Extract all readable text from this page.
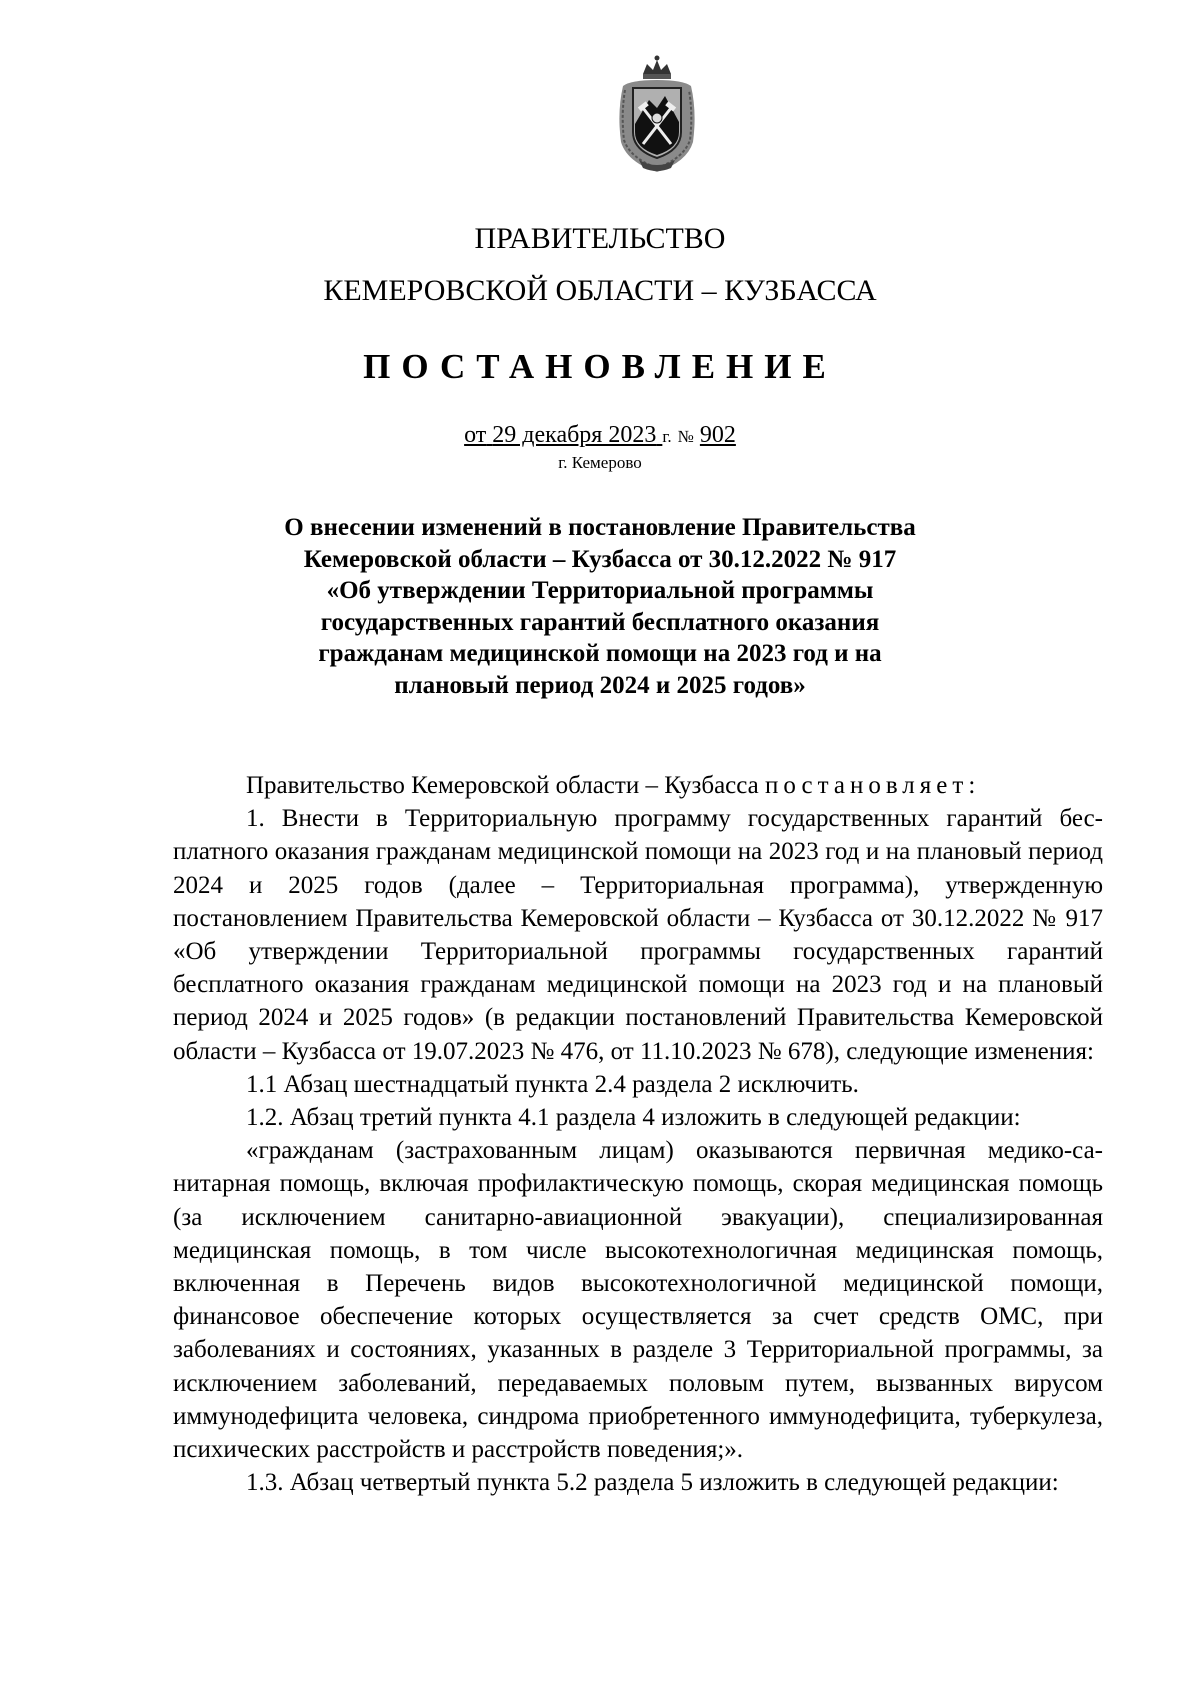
ПРАВИТЕЛЬСТВО
КЕМЕРОВСКОЙ ОБЛАСТИ – КУЗБАССА
ПОСТАНОВЛЕНИЕ
от 29 декабря 2023 г. № 902
г. Кемерово
О внесении изменений в постановление Правительства
Кемеровской области – Кузбасса от 30.12.2022 № 917
«Об утверждении Территориальной программы
государственных гарантий бесплатного оказания
гражданам медицинской помощи на 2023 год и на
плановый период 2024 и 2025 годов»

Правительство Кемеровской области – Кузбасса постановляет:

1. Внести в Территориальную программу государственных гарантий бесплатного оказания гражданам медицинской помощи на 2023 год и на плановый период 2024 и 2025 годов (далее – Территориальная программа), утвержденную постановлением Правительства Кемеровской области – Кузбасса от 30.12.2022 № 917 «Об утверждении Территориальной программы государственных гарантий бесплатного оказания гражданам медицинской помощи на 2023 год и на плановый период 2024 и 2025 годов» (в редакции постановлений Правительства Кемеровской области – Кузбасса от 19.07.2023 № 476, от 11.10.2023 № 678), следующие изменения:

1.1 Абзац шестнадцатый пункта 2.4 раздела 2 исключить.

1.2. Абзац третий пункта 4.1 раздела 4 изложить в следующей редакции:

«гражданам (застрахованным лицам) оказываются первичная медико-санитарная помощь, включая профилактическую помощь, скорая медицинская помощь (за исключением санитарно-авиационной эвакуации), специализированная медицинская помощь, в том числе высокотехнологичная медицинская помощь, включенная в Перечень видов высокотехнологичной медицинской помощи, финансовое обеспечение которых осуществляется за счет средств ОМС, при заболеваниях и состояниях, указанных в разделе 3 Территориальной программы, за исключением заболеваний, передаваемых половым путем, вызванных вирусом иммунодефицита человека, синдрома приобретенного иммунодефицита, туберкулеза, психических расстройств и расстройств поведения;».

1.3. Абзац четвертый пункта 5.2 раздела 5 изложить в следующей редакции:
